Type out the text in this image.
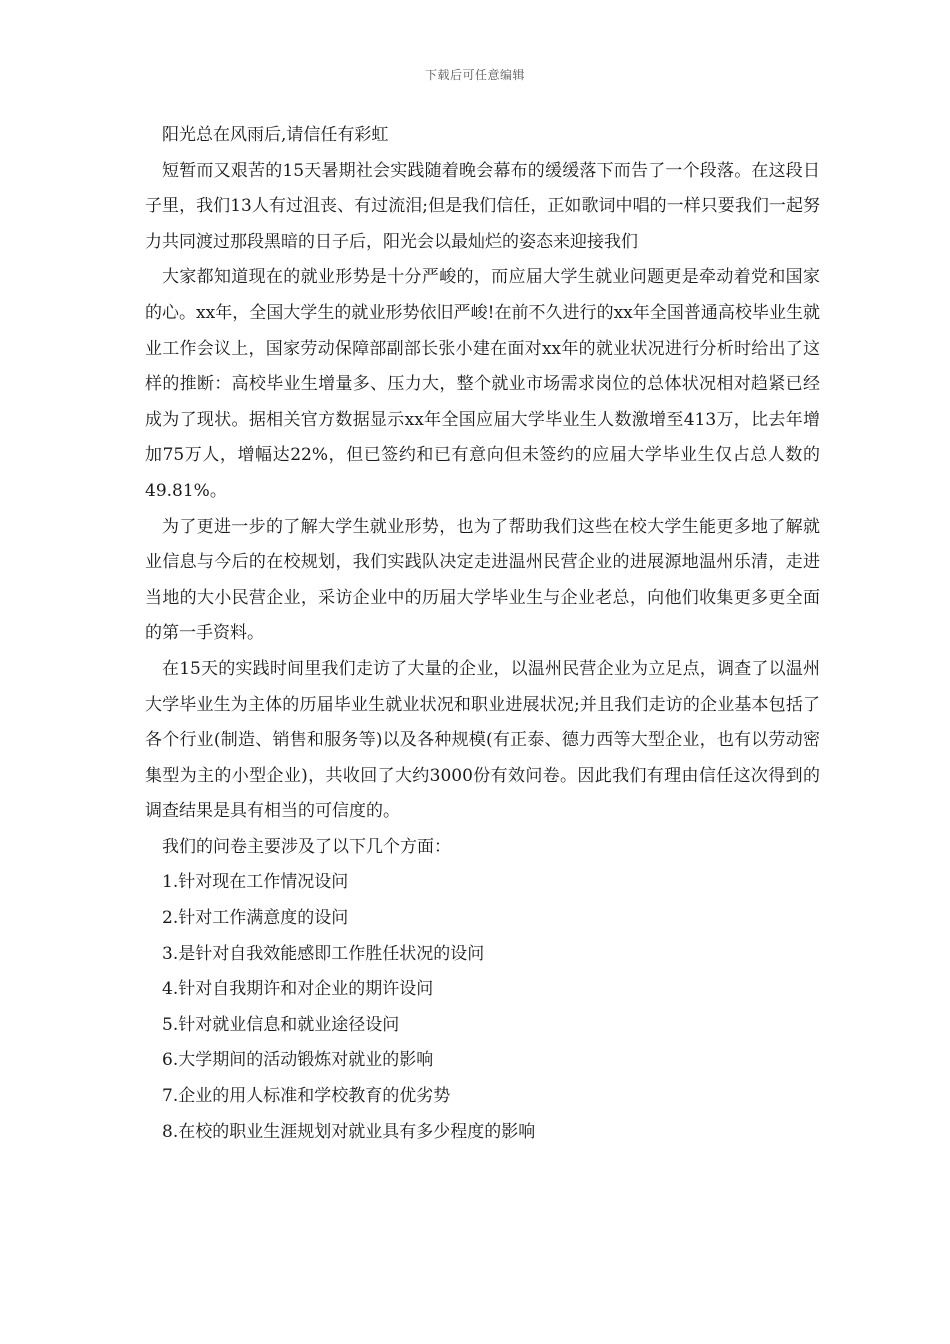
下载后可任意编辑

阳光总在风雨后,请信任有彩虹

短暂而又艰苦的15天暑期社会实践随着晚会幕布的缓缓落下而告了一个段落。在这段日子里，我们13人有过沮丧、有过流泪;但是我们信任，正如歌词中唱的一样只要我们一起努力共同渡过那段黑暗的日子后，阳光会以最灿烂的姿态来迎接我们

大家都知道现在的就业形势是十分严峻的，而应届大学生就业问题更是牵动着党和国家的心。xx年，全国大学生的就业形势依旧严峻!在前不久进行的xx年全国普通高校毕业生就业工作会议上，国家劳动保障部副部长张小建在面对xx年的就业状况进行分析时给出了这样的推断：高校毕业生增量多、压力大，整个就业市场需求岗位的总体状况相对趋紧已经成为了现状。据相关官方数据显示xx年全国应届大学毕业生人数激增至413万，比去年增加75万人，增幅达22%，但已签约和已有意向但未签约的应届大学毕业生仅占总人数的49.81%。

为了更进一步的了解大学生就业形势，也为了帮助我们这些在校大学生能更多地了解就业信息与今后的在校规划，我们实践队决定走进温州民营企业的进展源地温州乐清，走进当地的大小民营企业，采访企业中的历届大学毕业生与企业老总，向他们收集更多更全面的第一手资料。

在15天的实践时间里我们走访了大量的企业，以温州民营企业为立足点，调查了以温州大学毕业生为主体的历届毕业生就业状况和职业进展状况;并且我们走访的企业基本包括了各个行业(制造、销售和服务等)以及各种规模(有正泰、德力西等大型企业，也有以劳动密集型为主的小型企业)，共收回了大约3000份有效问卷。因此我们有理由信任这次得到的调查结果是具有相当的可信度的。

我们的问卷主要涉及了以下几个方面：

1.针对现在工作情况设问

2.针对工作满意度的设问

3.是针对自我效能感即工作胜任状况的设问

4.针对自我期许和对企业的期许设问

5.针对就业信息和就业途径设问

6.大学期间的活动锻炼对就业的影响

7.企业的用人标准和学校教育的优劣势

8.在校的职业生涯规划对就业具有多少程度的影响
